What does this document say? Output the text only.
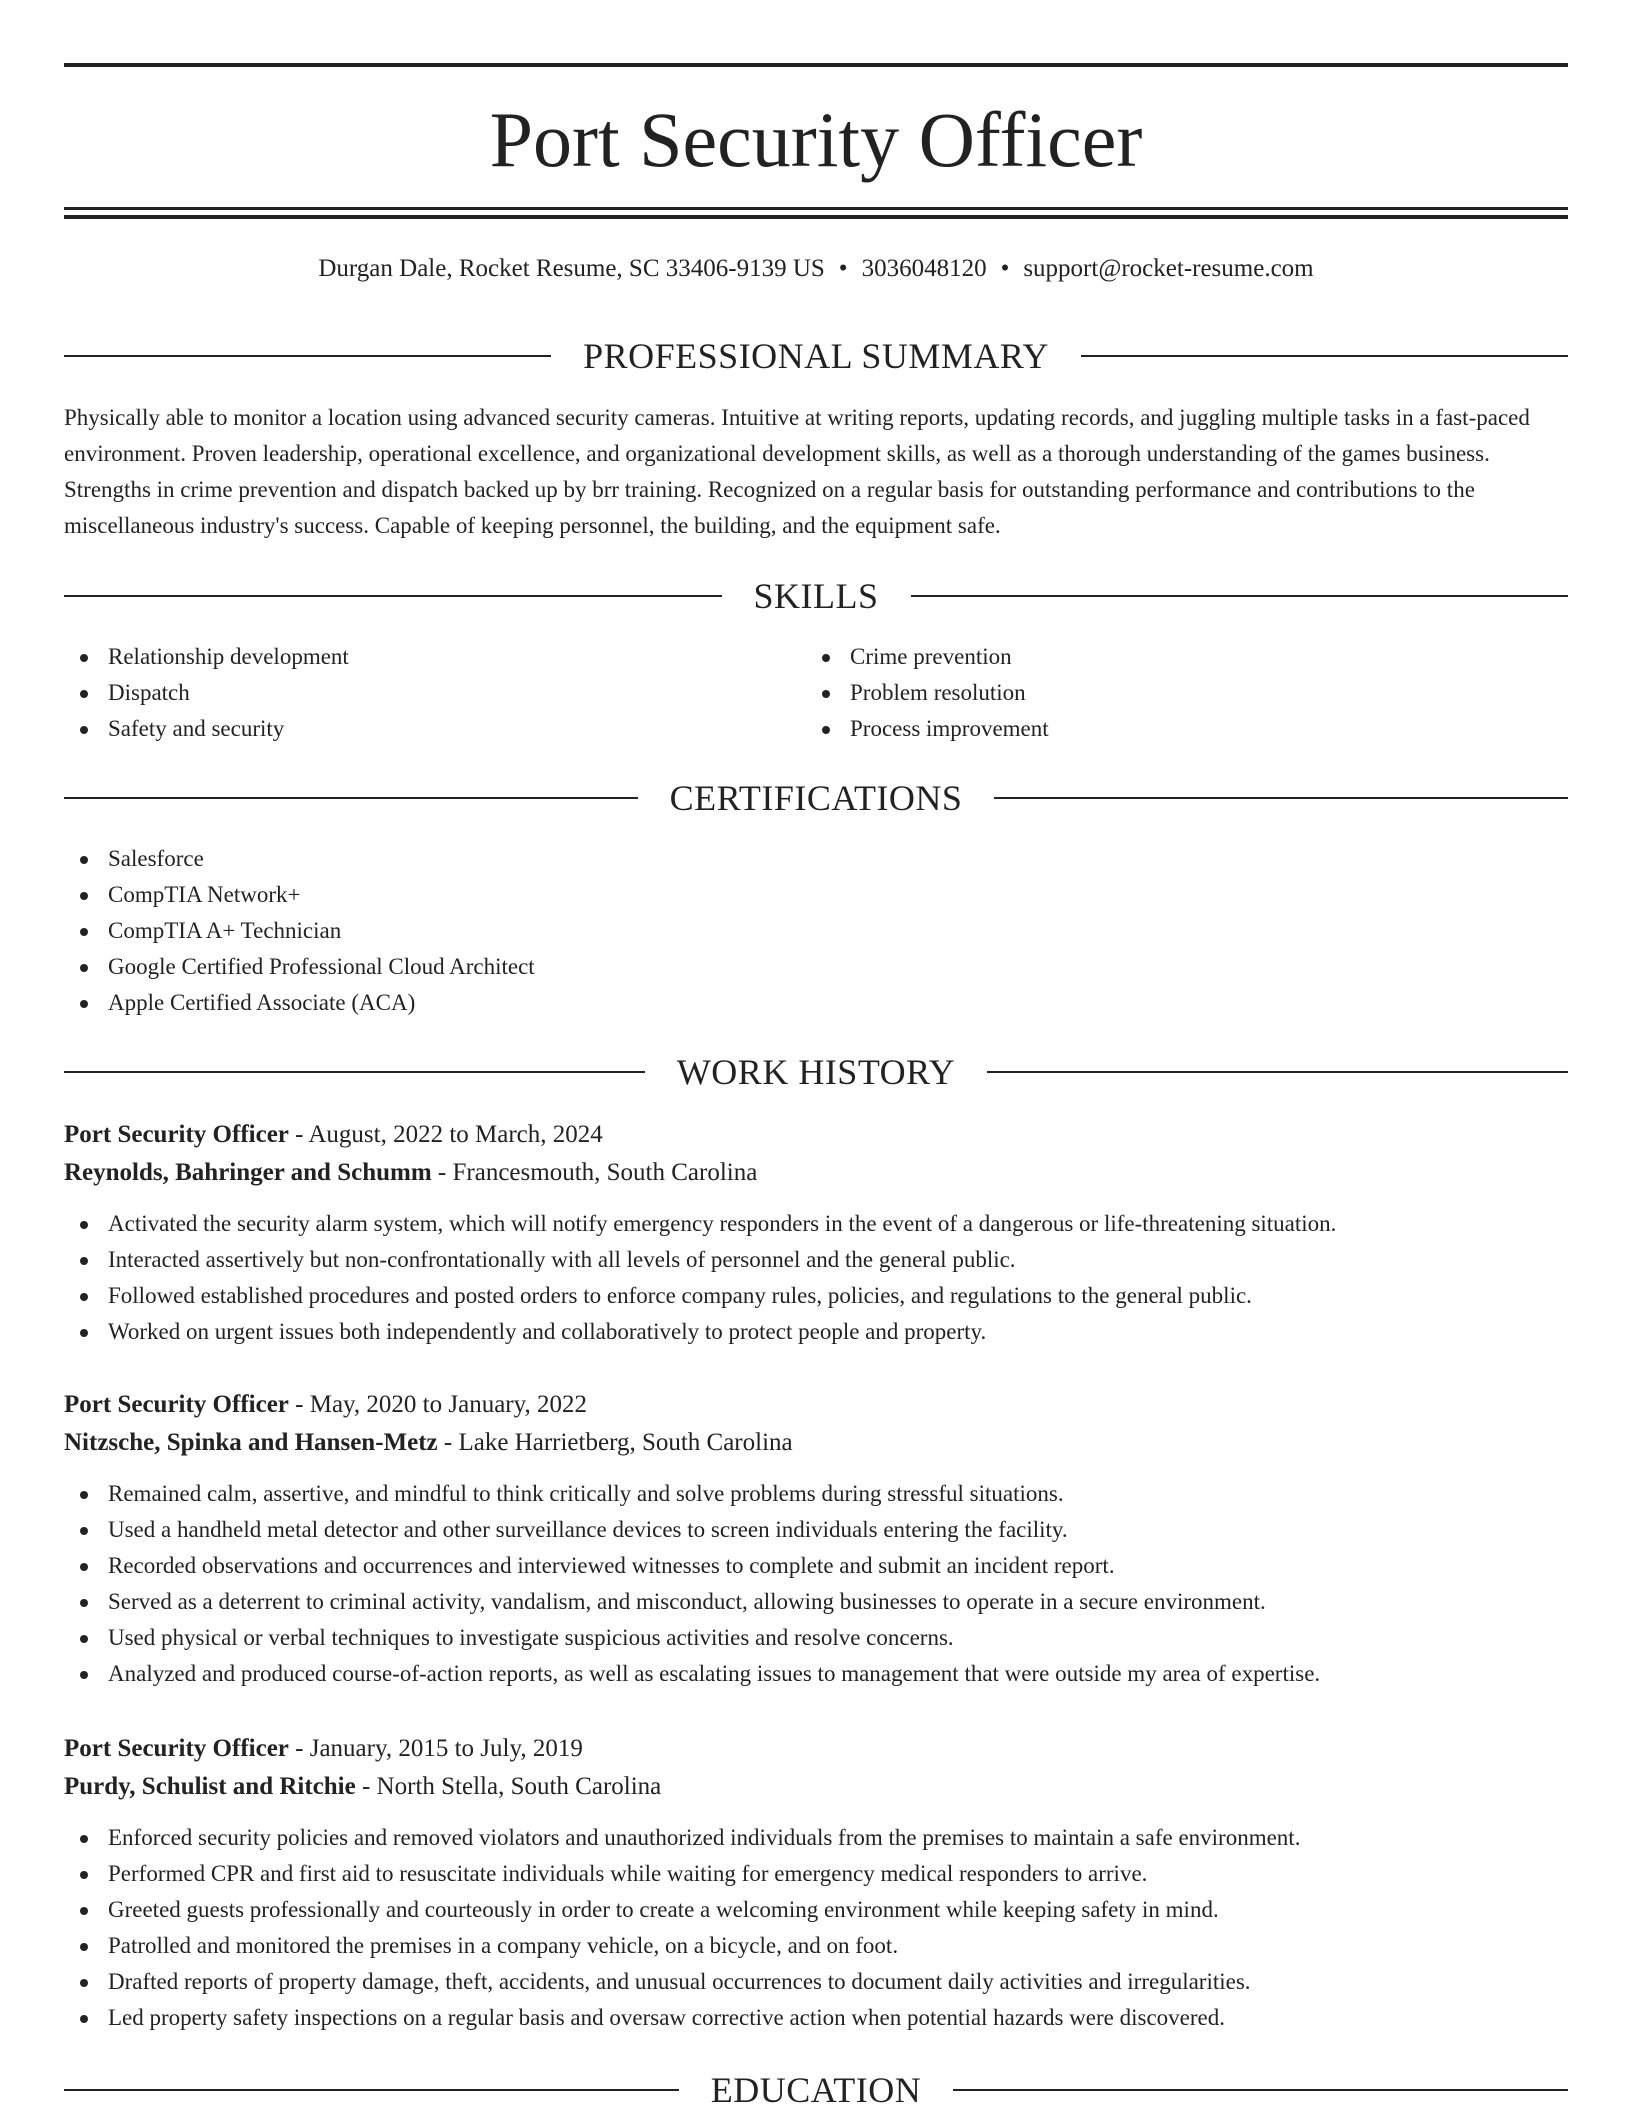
Port Security Officer
Durgan Dale, Rocket Resume, SC 33406-9139 US • 3036048120 • support@rocket-resume.com
PROFESSIONAL SUMMARY

Physically able to monitor a location using advanced security cameras. Intuitive at writing reports, updating records, and juggling multiple tasks in a fast-paced environment. Proven leadership, operational excellence, and organizational development skills, as well as a thorough understanding of the games business. Strengths in crime prevention and dispatch backed up by brr training. Recognized on a regular basis for outstanding performance and contributions to the miscellaneous industry's success. Capable of keeping personnel, the building, and the equipment safe.

SKILLS
Relationship development
Dispatch
Safety and security
Crime prevention
Problem resolution
Process improvement
CERTIFICATIONS
Salesforce
CompTIA Network+
CompTIA A+ Technician
Google Certified Professional Cloud Architect
Apple Certified Associate (ACA)
WORK HISTORY
Port Security Officer - August, 2022 to March, 2024
Reynolds, Bahringer and Schumm - Francesmouth, South Carolina
Activated the security alarm system, which will notify emergency responders in the event of a dangerous or life-threatening situation.
Interacted assertively but non-confrontationally with all levels of personnel and the general public.
Followed established procedures and posted orders to enforce company rules, policies, and regulations to the general public.
Worked on urgent issues both independently and collaboratively to protect people and property.
Port Security Officer - May, 2020 to January, 2022
Nitzsche, Spinka and Hansen-Metz - Lake Harrietberg, South Carolina
Remained calm, assertive, and mindful to think critically and solve problems during stressful situations.
Used a handheld metal detector and other surveillance devices to screen individuals entering the facility.
Recorded observations and occurrences and interviewed witnesses to complete and submit an incident report.
Served as a deterrent to criminal activity, vandalism, and misconduct, allowing businesses to operate in a secure environment.
Used physical or verbal techniques to investigate suspicious activities and resolve concerns.
Analyzed and produced course-of-action reports, as well as escalating issues to management that were outside my area of expertise.
Port Security Officer - January, 2015 to July, 2019
Purdy, Schulist and Ritchie - North Stella, South Carolina
Enforced security policies and removed violators and unauthorized individuals from the premises to maintain a safe environment.
Performed CPR and first aid to resuscitate individuals while waiting for emergency medical responders to arrive.
Greeted guests professionally and courteously in order to create a welcoming environment while keeping safety in mind.
Patrolled and monitored the premises in a company vehicle, on a bicycle, and on foot.
Drafted reports of property damage, theft, accidents, and unusual occurrences to document daily activities and irregularities.
Led property safety inspections on a regular basis and oversaw corrective action when potential hazards were discovered.
EDUCATION
